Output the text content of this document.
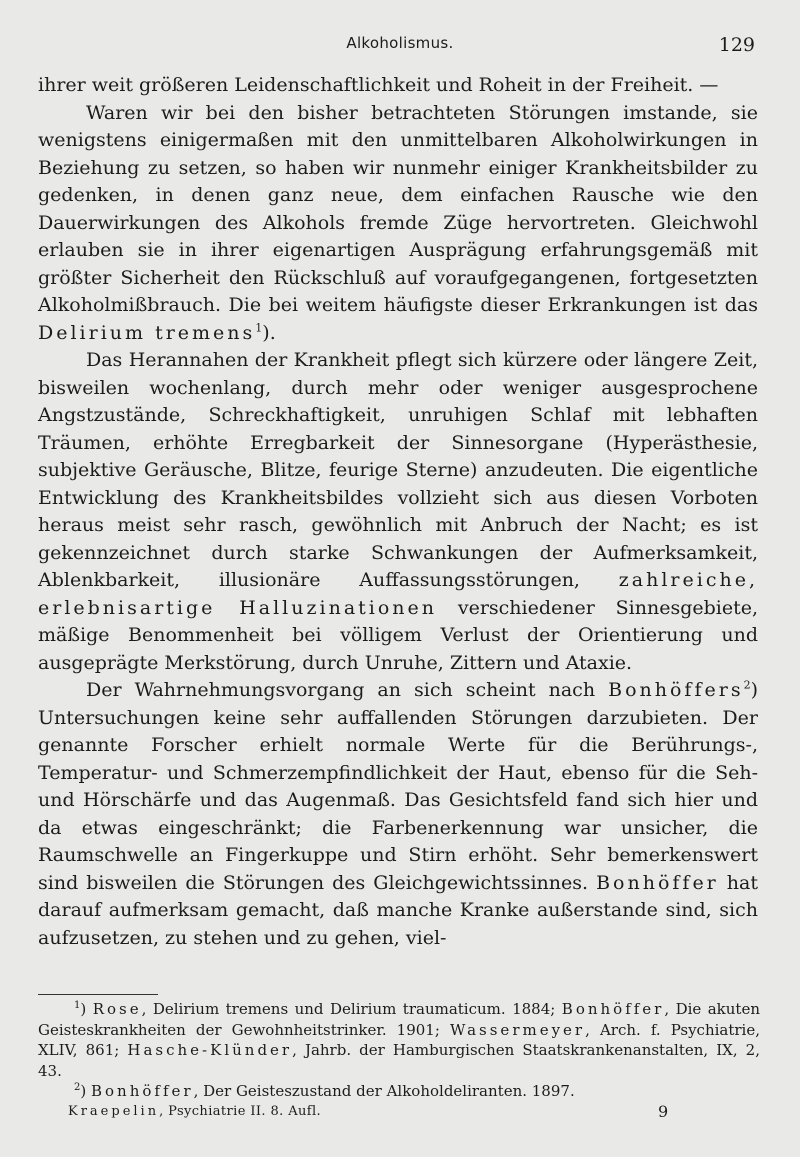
Alkoholismus.	129

ihrer weit größeren Leidenschaftlichkeit und Roheit in der Freiheit. —

Waren wir bei den bisher betrachteten Störungen imstande, sie wenigstens einigermaßen mit den unmittelbaren Alkoholwirkungen in Beziehung zu setzen, so haben wir nunmehr einiger Krankheitsbilder zu gedenken, in denen ganz neue, dem einfachen Rausche wie den Dauerwirkungen des Alkohols fremde Züge hervortreten. Gleichwohl erlauben sie in ihrer eigenartigen Ausprägung erfahrungsgemäß mit größter Sicherheit den Rückschluß auf voraufgegangenen, fortgesetzten Alkoholmißbrauch. Die bei weitem häufigste dieser Erkrankungen ist das Delirium tremens$^1$).

Das Herannahen der Krankheit pflegt sich kürzere oder längere Zeit, bisweilen wochenlang, durch mehr oder weniger ausgesprochene Angstzustände, Schreckhaftigkeit, unruhigen Schlaf mit lebhaften Träumen, erhöhte Erregbarkeit der Sinnesorgane (Hyperästhesie, subjektive Geräusche, Blitze, feurige Sterne) anzudeuten. Die eigentliche Entwicklung des Krankheitsbildes vollzieht sich aus diesen Vorboten heraus meist sehr rasch, gewöhnlich mit Anbruch der Nacht; es ist gekennzeichnet durch starke Schwankungen der Aufmerksamkeit, Ablenkbarkeit, illusionäre Auffassungsstörungen, zahlreiche, erlebnisartige Halluzinationen verschiedener Sinnesgebiete, mäßige Benommenheit bei völligem Verlust der Orientierung und ausgeprägte Merkstörung, durch Unruhe, Zittern und Ataxie.

Der Wahrnehmungsvorgang an sich scheint nach Bonhöffers$^2$) Untersuchungen keine sehr auffallenden Störungen darzubieten. Der genannte Forscher erhielt normale Werte für die Berührungs-, Temperatur- und Schmerzempfindlichkeit der Haut, ebenso für die Seh- und Hörschärfe und das Augenmaß. Das Gesichtsfeld fand sich hier und da etwas eingeschränkt; die Farbenerkennung war unsicher, die Raumschwelle an Fingerkuppe und Stirn erhöht. Sehr bemerkenswert sind bisweilen die Störungen des Gleichgewichtssinnes. Bonhöffer hat darauf aufmerksam gemacht, daß manche Kranke außerstande sind, sich aufzusetzen, zu stehen und zu gehen, viel-

$^1$) Rose, Delirium tremens und Delirium traumaticum. 1884; Bonhöffer, Die akuten Geisteskrankheiten der Gewohnheitstrinker. 1901; Wassermeyer, Arch. f. Psychiatrie, XLIV, 861; Hasche-Klünder, Jahrb. der Hamburgischen Staatskrankenanstalten, IX, 2, 43.

$^2$) Bonhöffer, Der Geisteszustand der Alkoholdeliranten. 1897.

Kraepelin, Psychiatrie II. 8. Aufl.	9
